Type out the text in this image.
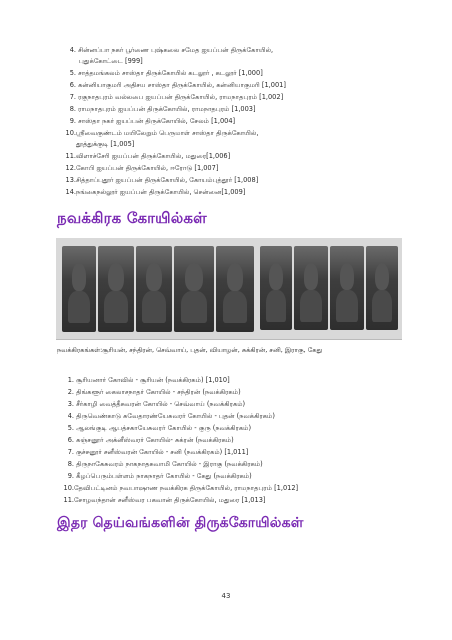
4. சின்னப்பா நகர் பூர்ணை புஷ்கலை சமேத ஐயப்பன் திருக்கோயில்,
புதுக்கோட்டை [999]
5. சாத்தமங்கலம் சாஸ்தா திருக்கோயில் கடலூர் , கடலூர் [1,000]
6. கன்னியாகுமரி அதிசய சாஸ்தா திருக்கோயில், கன்னியாகுமரி [1,001]
7. ரகுநாதபுரம் வல்லபை ஐயப்பன் திருக்கோயில், ராமநாதபுரம் [1,002]
8. ராமநாதபுரம் ஐயப்பன் திருக்கோயில், ராமநாதபுரம் [1,003]
9. சாஸ்தா நகர் ஐயப்பன் திருக்கோயில், சேலம் [1,004]
10.ஸ்ரீவைகுண்டம் மயிலேறும் பெருமாள் சாஸ்தா திருக்கோயில்,
தூத்துக்குடி [1,005]
11.விளாச்சேரி ஐயப்பன் திருக்கோயில், மதுரை[1,006]
12.கோபி ஐயப்பன் திருக்கோயில், ஈரோடு [1,007]
13.சித்தாப்புதூர் ஐயப்பன் திருக்கோயில், கோயம்புத்தூர் [1,008]
14.நங்கைநல்லூர் ஐயப்பன் திருக்கோயில், சென்னை[1,009]
நவக்கிரக கோயில்கள்
நவக்கிரகங்கள்:சூரியன், சந்திரன், செவ்வாய், புதன், வியாழன், சுக்கிரன், சனி, இராகு, கேது
1. சூரியனார் கோவில் - சூரியன் (நவக்கிரகம்) [1,010]
2. திங்களூர் கைலாசநாதர் கோயில் - சந்திரன் (நவக்கிரகம்)
3. சீர்காழி வைத்தீசுவரன் கோயில் - செவ்வாய் (நவக்கிரகம்)
4. திருவெண்காடு சுவேதாரண்யேசுவரர் கோயில் - புதன் (நவக்கிரகம்)
5. ஆலங்குடி ஆபத்சகாயேசுவரர் கோயில் - குரு (நவக்கிரகம்)
6. கஞ்சனூர் அக்னீஸ்வரர் கோயில்- சுக்ரன் (நவக்கிரகம்)
7. குச்சனூர் சனீஸ்வரன் கோயில் - சனி (நவக்கிரகம்) [1,011]
8. திருநாகேசுவரம் நாகநாதசுவாமி கோயில் - இராகு (நவக்கிரகம்)
9. கீழப்பெரும்பள்ளம் நாகநாதர் கோயில் - கேது (நவக்கிரகம்)
10.தேவிபட்டினம் நவபாஷாண நவக்கிரக திருக்கோயில், ராமநாதபுரம் [1,012]
11.சோழவந்தான் சனீஸ்வர பகவான் திருக்கோயில், மதுரை [1,013]
இதர தெய்வங்களின் திருக்கோயில்கள்
43
